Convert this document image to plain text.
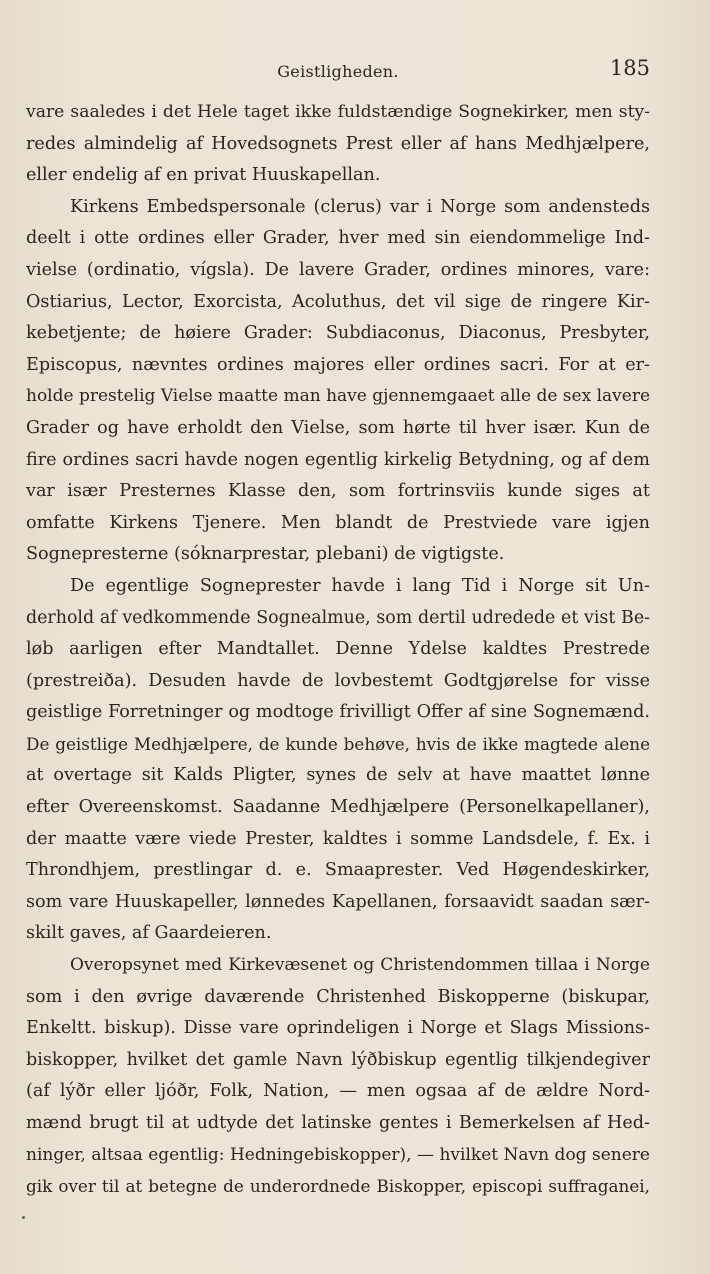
Geistligheden.	185
vare saaledes i det Hele taget ikke fuldstændige Sognekirker, men sty-
redes almindelig af Hovedsognets Prest eller af hans Medhjælpere,
eller endelig af en privat Huuskapellan.
Kirkens Embedspersonale (clerus) var i Norge som andensteds
deelt i otte ordines eller Grader, hver med sin eiendommelige Ind-
vielse (ordinatio, vígsla). De lavere Grader, ordines minores, vare:
Ostiarius, Lector, Exorcista, Acoluthus, det vil sige de ringere Kir-
kebetjente; de høiere Grader: Subdiaconus, Diaconus, Presbyter,
Episcopus, nævntes ordines majores eller ordines sacri. For at er-
holde prestelig Vielse maatte man have gjennemgaaet alle de sex lavere
Grader og have erholdt den Vielse, som hørte til hver især. Kun de
fire ordines sacri havde nogen egentlig kirkelig Betydning, og af dem
var især Presternes Klasse den, som fortrinsviis kunde siges at
omfatte Kirkens Tjenere. Men blandt de Prestviede vare igjen
Sognepresterne (sóknarprestar, plebani) de vigtigste.
De egentlige Sogneprester havde i lang Tid i Norge sit Un-
derhold af vedkommende Sognealmue, som dertil udredede et vist Be-
løb aarligen efter Mandtallet. Denne Ydelse kaldtes Prestrede
(prestreiða). Desuden havde de lovbestemt Godtgjørelse for visse
geistlige Forretninger og modtoge frivilligt Offer af sine Sognemænd.
De geistlige Medhjælpere, de kunde behøve, hvis de ikke magtede alene
at overtage sit Kalds Pligter, synes de selv at have maattet lønne
efter Overeenskomst. Saadanne Medhjælpere (Personelkapellaner),
der maatte være viede Prester, kaldtes i somme Landsdele, f. Ex. i
Throndhjem, prestlingar d. e. Smaaprester. Ved Høgendeskirker,
som vare Huuskapeller, lønnedes Kapellanen, forsaavidt saadan sær-
skilt gaves, af Gaardeieren.
Overopsynet med Kirkevæsenet og Christendommen tillaa i Norge
som i den øvrige daværende Christenhed Biskopperne (biskupar,
Enkeltt. biskup). Disse vare oprindeligen i Norge et Slags Missions-
biskopper, hvilket det gamle Navn lýðbiskup egentlig tilkjendegiver
(af lýðr eller ljóðr, Folk, Nation, — men ogsaa af de ældre Nord-
mænd brugt til at udtyde det latinske gentes i Bemerkelsen af Hed-
ninger, altsaa egentlig: Hedningebiskopper), — hvilket Navn dog senere
gik over til at betegne de underordnede Biskopper, episcopi suffraganei,
